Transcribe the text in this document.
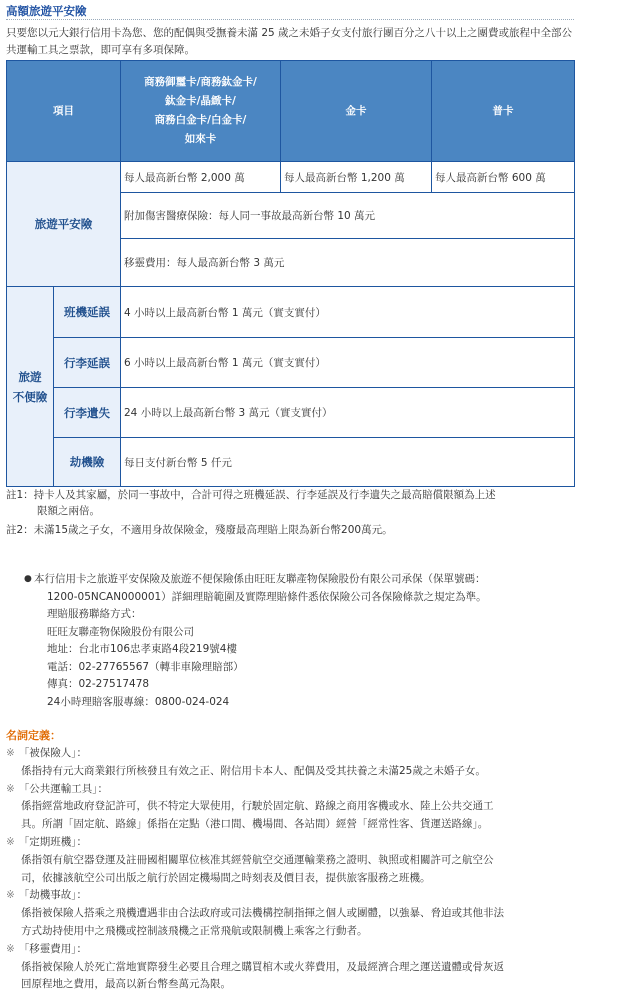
高額旅遊平安險
只要您以元大銀行信用卡為您、您的配偶與受撫養未滿 25 歲之未婚子女支付旅行團百分之八十以上之團費或旅程中全部公共運輸工具之票款，即可享有多項保障。
項目		商務御璽卡/商務鈦金卡/
鈦金卡/晶緻卡/
商務白金卡/白金卡/
如來卡	金卡	普卡
旅遊平安險		每人最高新台幣 2,000 萬	每人最高新台幣 1,200 萬	每人最高新台幣 600 萬
		附加傷害醫療保險：每人同一事故最高新台幣 10 萬元		
		移靈費用：每人最高新台幣 3 萬元		

旅遊
不便險	班機延誤	4 小時以上最高新台幣 1 萬元（實支實付）		
	行李延誤	6 小時以上最高新台幣 1 萬元（實支實付）		
	行李遺失	24 小時以上最高新台幣 3 萬元（實支實付）		
	劫機險	每日支付新台幣 5 仟元		
註1：持卡人及其家屬，於同一事故中，合計可得之班機延誤、行李延誤及行李遺失之最高賠償限額為上述
限額之兩倍。
註2：未滿15歲之子女，不適用身故保險金，殘廢最高理賠上限為新台幣200萬元。
● 本行信用卡之旅遊平安保險及旅遊不便保險係由旺旺友聯產物保險股份有限公司承保（保單號碼：
1200-05NCAN000001）詳細理賠範圍及實際理賠條件悉依保險公司各保險條款之規定為準。
理賠服務聯絡方式：
旺旺友聯產物保險股份有限公司
地址：台北市106忠孝東路4段219號4樓
電話：02-27765567（轉非車險理賠部）
傳真：02-27517478
24小時理賠客服專線：0800-024-024
名詞定義：
※ 「被保險人」：
係指持有元大商業銀行所核發且有效之正、附信用卡本人、配偶及受其扶養之未滿25歲之未婚子女。
※ 「公共運輸工具」：
係指經當地政府登記許可，供不特定大眾使用，行駛於固定航、路線之商用客機或水、陸上公共交通工
具。所謂「固定航、路線」係指在定點（港口間、機場間、各站間）經營「經常性客、貨運送路線」。
※ 「定期班機」：
係指領有航空器登運及註冊國相關單位核准其經營航空交通運輸業務之證明、執照或相關許可之航空公
司，依據該航空公司出版之航行於固定機場間之時刻表及價目表，提供旅客服務之班機。
※ 「劫機事故」：
係指被保險人搭乘之飛機遭遇非由合法政府或司法機構控制指揮之個人或團體，以強暴、脅迫或其他非法
方式劫持使用中之飛機或控制該飛機之正常飛航或限制機上乘客之行動者。
※ 「移靈費用」：
係指被保險人於死亡當地實際發生必要且合理之購買棺木或火葬費用，及最經濟合理之運送遺體或骨灰返
回原程地之費用，最高以新台幣叁萬元為限。
